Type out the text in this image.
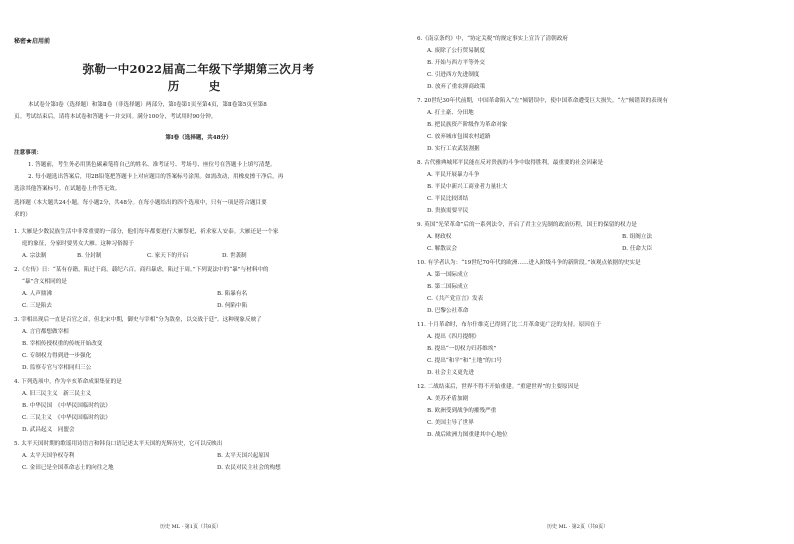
秘密★启用前
弥勒一中2022届高二年级下学期第三次月考
历　史
本试卷分第Ⅰ卷（选择题）和第Ⅱ卷（非选择题）两部分，第Ⅰ卷第1页至第4页，第Ⅱ卷第5页至第8
页。考试结束后，请将本试卷和答题卡一并交回。满分100分，考试用时90分钟。
第Ⅰ卷（选择题，共48分）
注意事项：
1. 答题前，考生务必用黑色碳素笔将自己的姓名、准考证号、考场号、座位号在答题卡上填写清楚。
2. 每小题选出答案后，用2B铅笔把答题卡上对应题目的答案标号涂黑。如需改动，用橡皮擦干净后，再
选涂其他答案标号。在试题卷上作答无效。
选择题（本大题共24小题，每小题2分，共48分。在每小题给出的四个选项中，只有一项是符合题目要
求的）
1. 大雁是少数民族生活中非常重要的一部分，他们每年都要进行大雁祭祀，祈求家人安泰。大雁还是一个家
庭的象征，分家时要男女大雁。这种习俗源于
A. 宗法制	B. 分封制	C. 家天下的开启	D. 世袭制
2.《左传》日：“某有存籍，陷过于商，载纪六百。商归暴虐，陷过于周。”下列说法中的“暴”与材料中的
“暴”含义相同的是
A. 人声鼎沸	B. 陷暴有名
C. 三是陷去	D. 何陷中陷
3. 宰相出现后一直是百官之首，但北宋中期，御史与宰相“分为敌垒，以交战于廷”。这种现象反映了
A. 言官都想做宰相
B. 宰相传授权重的传统开始改变
C. 专制权力得到进一步强化
D. 监察专官与宰相同归三公
4. 下列选项中，作为辛亥革命成果集征的是
A. 旧三民主义　新三民主义
B. 中华民国　《中华民国临时约法》
C. 三民主义　《中华民国临时约法》
D. 武昌起义　同盟会
5. 太平天国时期的歌谣用诗语言和韩良口语记述太平天国的光辉历史，它可以反映出
A. 太平天国争权夺利	B. 太平天国兴起原因
C. 金田已是全国革命志士的向往之地	D. 农民对民主社会的构想
历史 ML · 第1页（共8页）
6.《南京条约》中，“协定关税”的规定事实上宣告了清朝政府
A. 废除了公行贸易制度
B. 开始与西方平等外交
C. 引进西方先进制度
D. 放弃了重农抑商政策
7. 20世纪30年代前期，中国革命陷入“左”倾错误中，使中国革命遭受巨大损失。“左”倾错误的表现有
A. 打土豪、分田地
B. 把民族资产阶级作为革命对象
C. 放弃城市包围农村道路
D. 实行工农武装割据
8. 古代雅典城邦平民能在反对贵族的斗争中取得胜利，最重要的社会因素是
A. 平民开展暴力斗争
B. 平民中新兴工商业者力量壮大
C. 平民比较团结
D. 贵族需要平民
9. 英国“光荣革命”后的一系列法令，开启了君主立宪制的政治历程，国王的保留的权力是
A. 财政权	B. 组阁立法
C. 解散议会	D. 任命大臣
10. 有学者认为：“19世纪70年代的欧洲……进入阶级斗争的新阶段。”该观点依据的史实是
A. 第一国际成立
B. 第二国际成立
C.《共产党宣言》发表
D. 巴黎公社革命
11. 十月革命时，布尔什维克已得到了比二月革命更广泛的支持。原因在于
A. 提出《四月提纲》
B. 提出“一切权力归苏维埃”
C. 提出“和平”和“土地”的口号
D. 社会主义更先进
12. 二战结束后，世界不得不开始重建。“重建世界”的主要原因是
A. 美苏矛盾加剧
B. 欧洲受到战争的摧残严重
C. 美国主导了世界
D. 战后欧洲力图重建其中心地位
历史 ML · 第2页（共8页）
